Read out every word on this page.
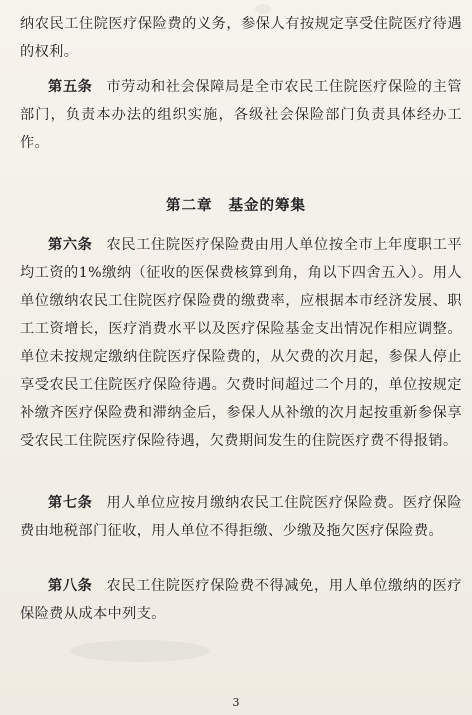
纳农民工住院医疗保险费的义务，参保人有按规定享受住院医疗待遇的权利。
第五条 市劳动和社会保障局是全市农民工住院医疗保险的主管部门，负责本办法的组织实施，各级社会保险部门负责具体经办工作。
第二章 基金的筹集
第六条 农民工住院医疗保险费由用人单位按全市上年度职工平均工资的1%缴纳（征收的医保费核算到角，角以下四舍五入）。用人单位缴纳农民工住院医疗保险费的缴费率，应根据本市经济发展、职工工资增长，医疗消费水平以及医疗保险基金支出情况作相应调整。单位未按规定缴纳住院医疗保险费的，从欠费的次月起，参保人停止享受农民工住院医疗保险待遇。欠费时间超过二个月的，单位按规定补缴齐医疗保险费和滞纳金后，参保人从补缴的次月起按重新参保享受农民工住院医疗保险待遇，欠费期间发生的住院医疗费不得报销。
第七条 用人单位应按月缴纳农民工住院医疗保险费。医疗保险费由地税部门征收，用人单位不得拒缴、少缴及拖欠医疗保险费。
第八条 农民工住院医疗保险费不得减免，用人单位缴纳的医疗保险费从成本中列支。
3
